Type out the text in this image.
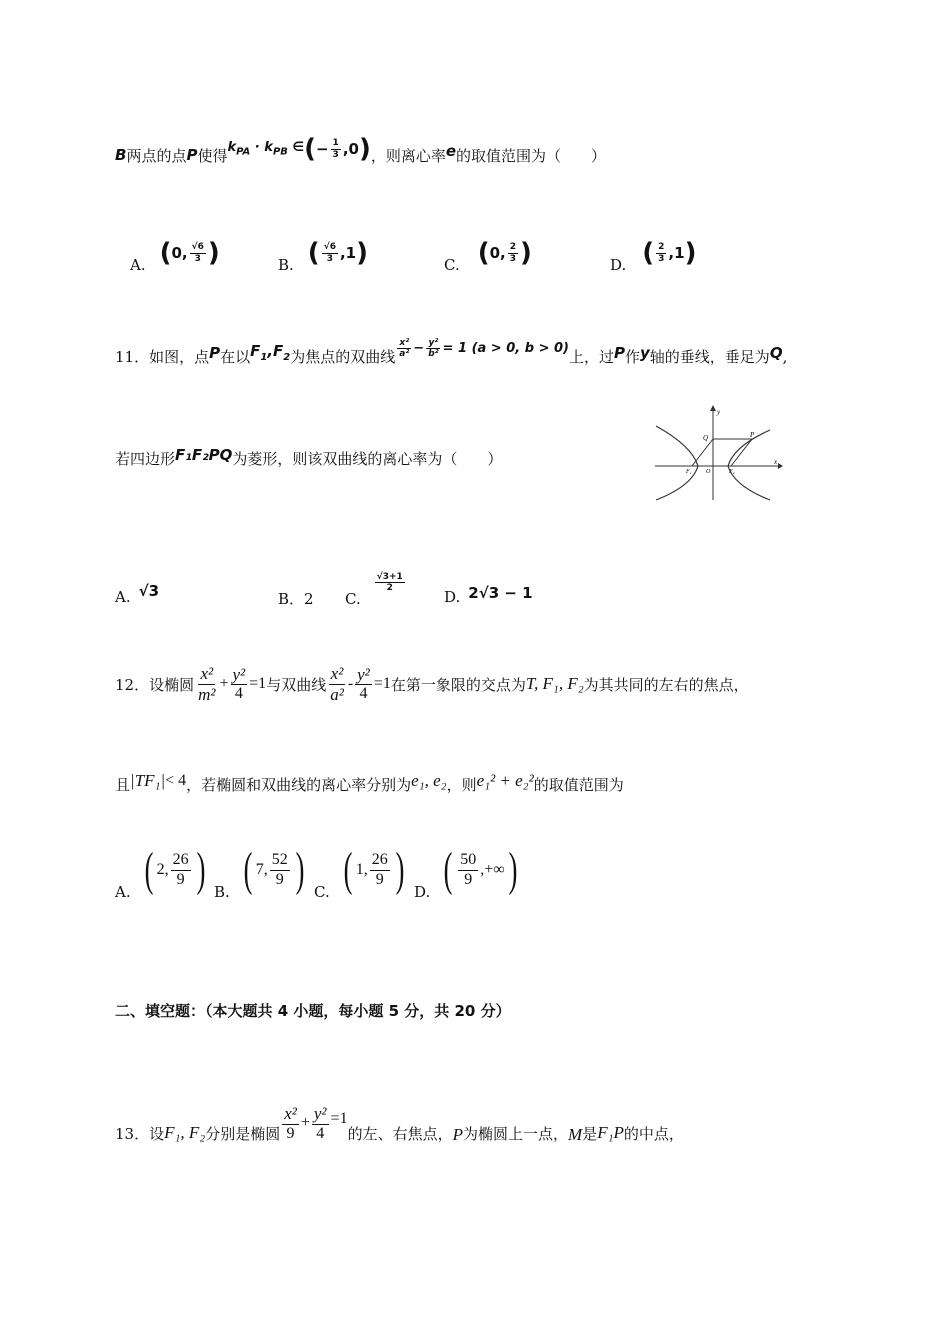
B 两点的点 P 使得 $k_{PA} \cdot k_{PB}$ ∈ ( − $\frac{1}{3} ,0$ ) ，则离心率 e 的取值范围为（　　）
A. ( 0, √6
3 )	B. ( √6
3 ,1 )	C. ( 0, 2
3 )	D. ( 2
3 ,1 )
11．如图，点 P 在以 $F_1,F_2$ 为焦点的双曲线
x²
$a^2 - \frac{\text{y²}}{\text{b²}} = 1$ (a > 0, b > 0) 上，过 P 作 y 轴的垂线，垂足为 Q ,
若四边形 F₁F₂PQ 为菱形，则该双曲线的离心率为（　　）
y
x
Q	P
F₁ O	F₂
A. √3	B．2 C.
√3+1
2	D. 2√3 − 1
12．设椭圆
x²
m²
+ $\frac{\text{y²}}{4} =1$ 与双曲线
x²
a²
- $\frac{\text{y²}}{4} =1$ 在第一象限的交点为 T, F₁, F₂ 为其共同的左右的焦点，
且 |TF₁| < 4 ，若椭圆和双曲线的离心率分别为 e₁, e₂ ，则 e₁² + e₂² 的取值范围为
A. ( 2,
26
9 ) B. ( 7,
52
9 ) C. ( 1,
26
9 ) D. ( 50
9
,+∞ )
二、填空题：（本大题共 4 小题，每小题 5 分，共 20 分）
13．设 F₁, F₂ 分别是椭圆
x²
9
+ $\frac{\text{y²}}{4} =1$
的左、右焦点， P 为椭圆上一点， M 是 F₁P 的中点，
